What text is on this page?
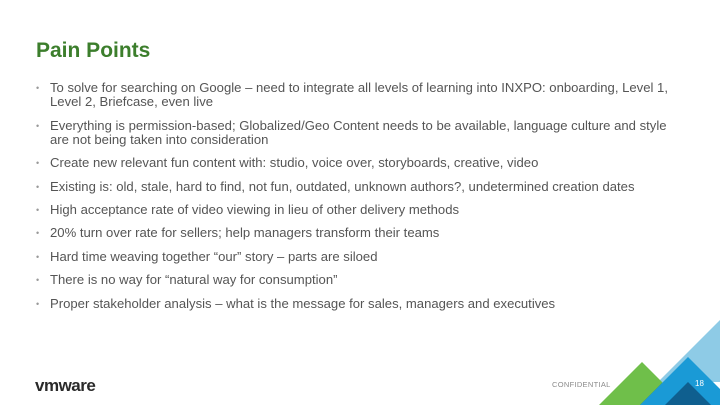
Pain Points
• To solve for searching on Google – need to integrate all levels of learning into INXPO: onboarding, Level 1, Level 2, Briefcase, even live
• Everything is permission-based; Globalized/Geo Content needs to be available, language culture and style are not being taken into consideration
• Create new relevant fun content with: studio, voice over, storyboards, creative, video
• Existing is: old, stale, hard to find, not fun, outdated, unknown authors?, undetermined creation dates
• High acceptance rate of video viewing in lieu of other delivery methods
• 20% turn over rate for sellers; help managers transform their teams
• Hard time weaving together “our” story – parts are siloed
• There is no way for “natural way for consumption”
• Proper stakeholder analysis – what is the message for sales, managers and executives
vmware	CONFIDENTIAL	18
